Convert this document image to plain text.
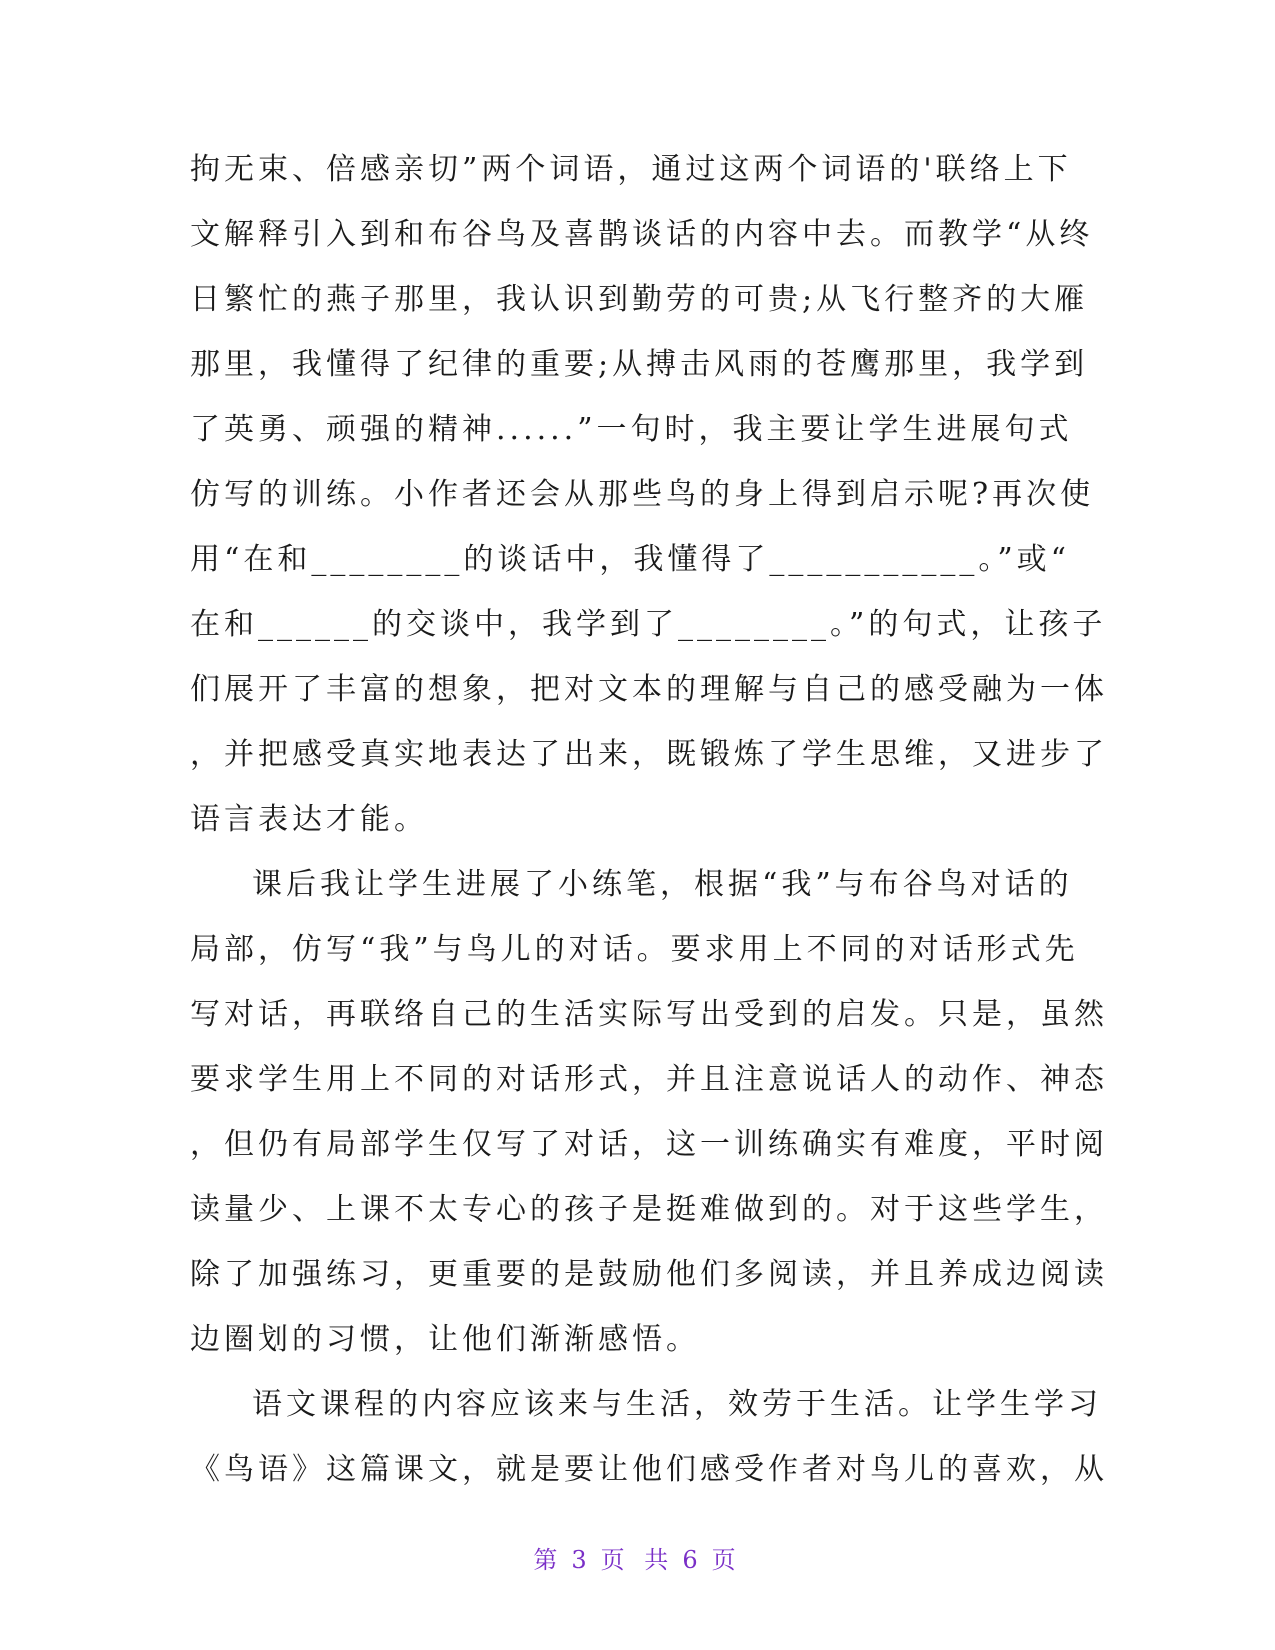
拘无束、倍感亲切”两个词语，通过这两个词语的'联络上下
文解释引入到和布谷鸟及喜鹊谈话的内容中去。而教学“从终
日繁忙的燕子那里，我认识到勤劳的可贵;从飞行整齐的大雁
那里，我懂得了纪律的重要;从搏击风雨的苍鹰那里，我学到
了英勇、顽强的精神......”一句时，我主要让学生进展句式
仿写的训练。小作者还会从那些鸟的身上得到启示呢?再次使
用“在和________的谈话中，我懂得了___________。”或“
在和______的交谈中，我学到了________。”的句式，让孩子
们展开了丰富的想象，把对文本的理解与自己的感受融为一体
，并把感受真实地表达了出来，既锻炼了学生思维，又进步了
语言表达才能。
课后我让学生进展了小练笔，根据“我”与布谷鸟对话的
局部，仿写“我”与鸟儿的对话。要求用上不同的对话形式先
写对话，再联络自己的生活实际写出受到的启发。只是，虽然
要求学生用上不同的对话形式，并且注意说话人的动作、神态
，但仍有局部学生仅写了对话，这一训练确实有难度，平时阅
读量少、上课不太专心的孩子是挺难做到的。对于这些学生，
除了加强练习，更重要的是鼓励他们多阅读，并且养成边阅读
边圈划的习惯，让他们渐渐感悟。
语文课程的内容应该来与生活，效劳于生活。让学生学习
《鸟语》这篇课文，就是要让他们感受作者对鸟儿的喜欢，从
第 3 页 共 6 页
